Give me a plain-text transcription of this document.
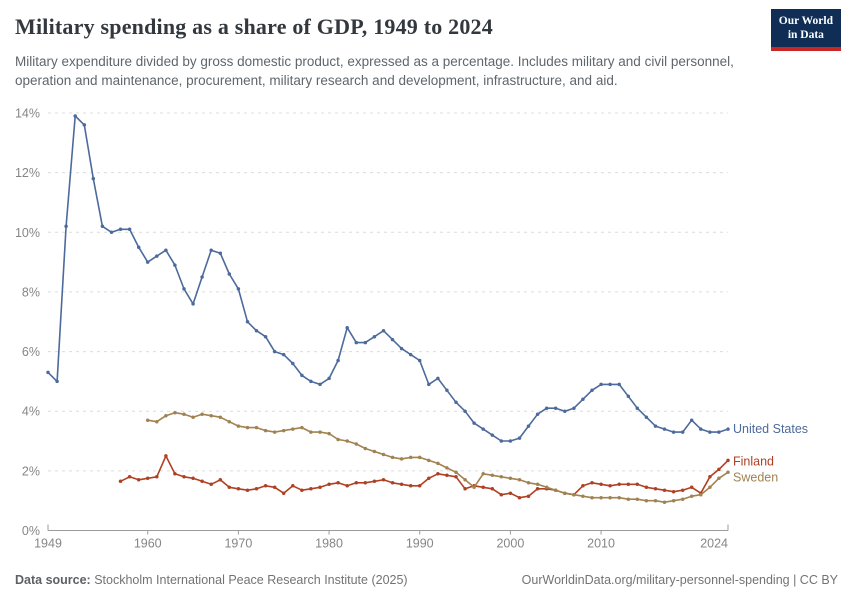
Military spending as a share of GDP, 1949 to 2024	Our World
in Data

Military expenditure divided by gross domestic product, expressed as a percentage. Includes military and civil personnel, operation and maintenance, procurement, military research and development, infrastructure, and aid.

0%
2%
4%
6%
8%
10%
12%
14%
1949	1960	1970	1980	1990	2000	2010	2024
United States
Finland
Sweden
Data source: Stockholm International Peace Research Institute (2025)	OurWorldinData.org/military-personnel-spending | CC BY
